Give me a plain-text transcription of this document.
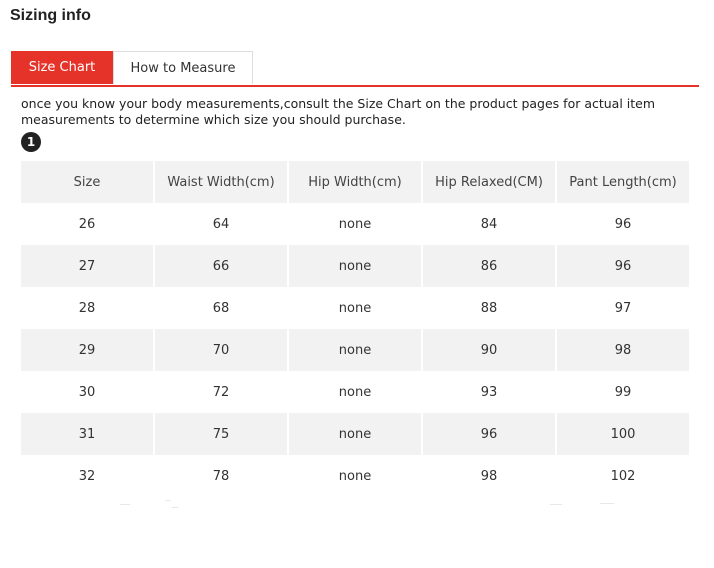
Sizing info
Size Chart	How to Measure

once you know your body measurements,consult the Size Chart on the product pages for actual item measurements to determine which size you should purchase.

1
Size	Waist Width(cm)	Hip Width(cm)	Hip Relaxed(CM)	Pant Length(cm)
26	64	none	84	96
27	66	none	86	96
28	68	none	88	97
29	70	none	90	98
30	72	none	93	99
31	75	none	96	100
32	78	none	98	102
